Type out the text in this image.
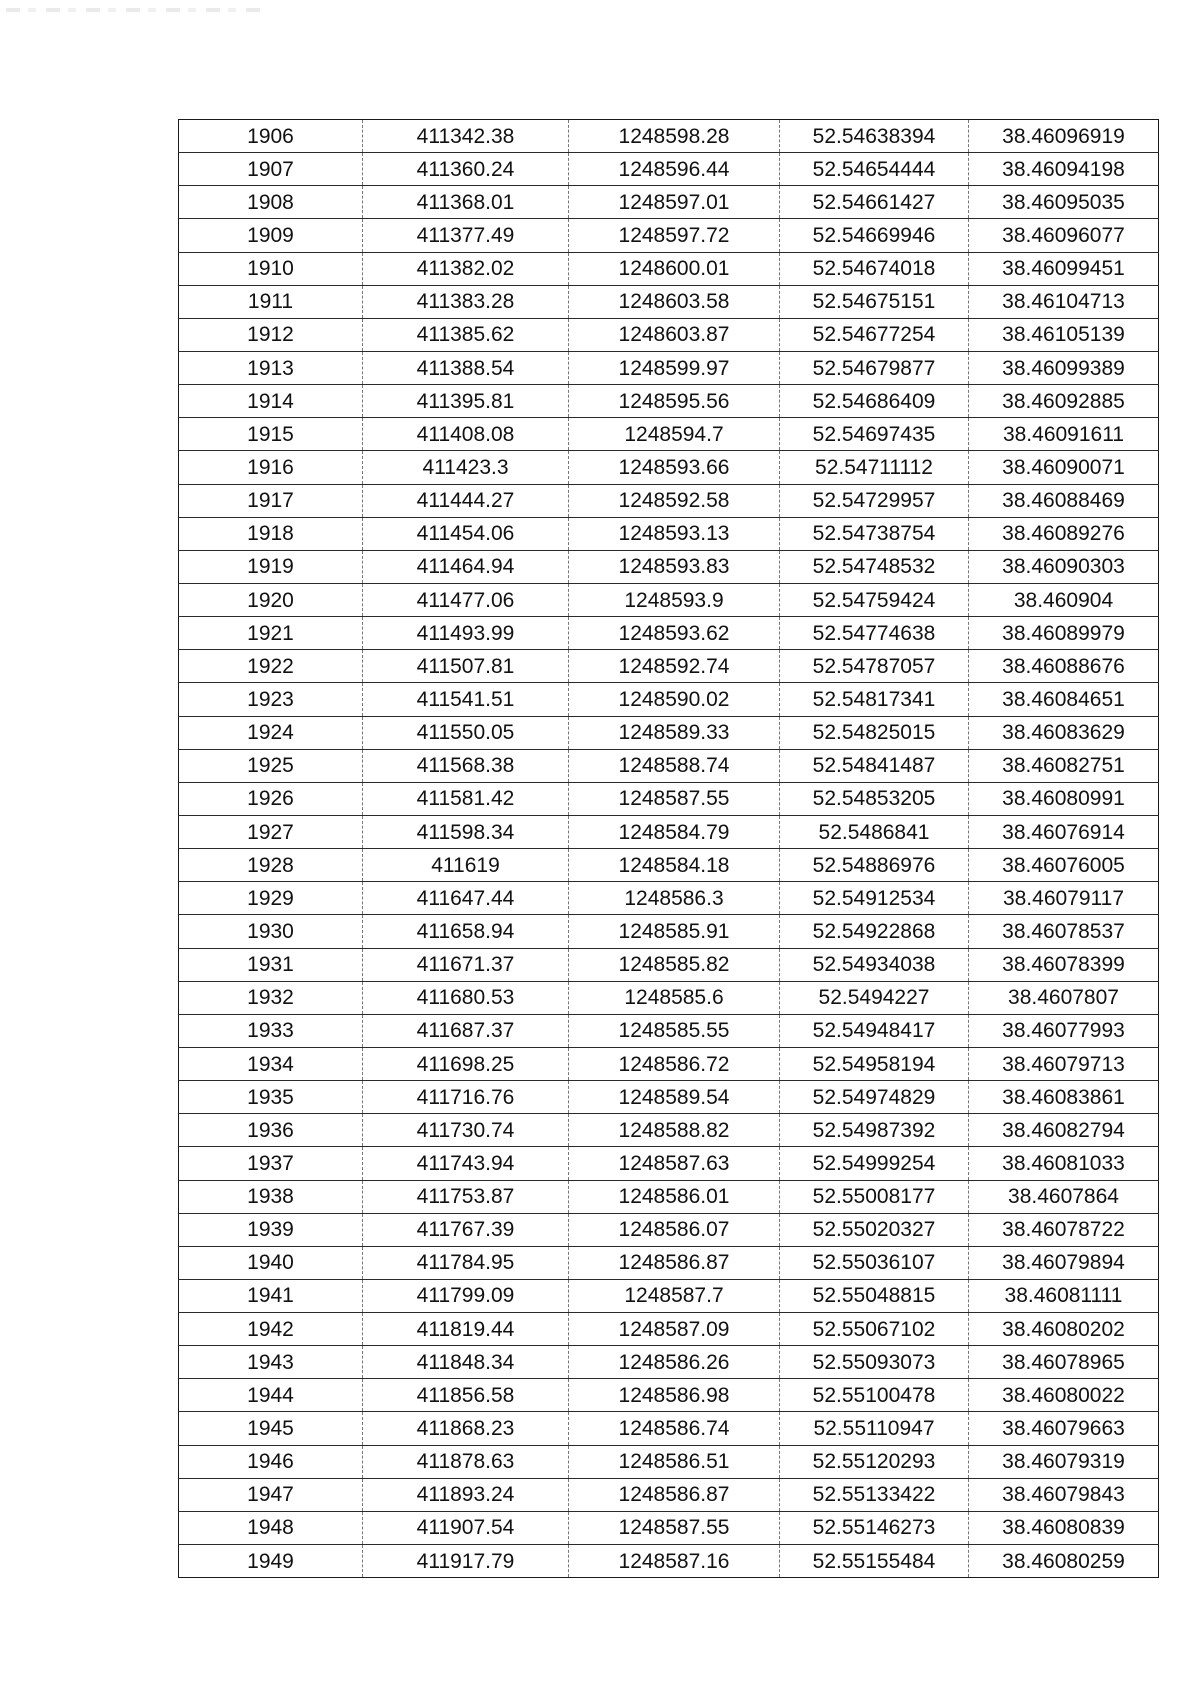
1906	411342.38	1248598.28	52.54638394	38.46096919
1907	411360.24	1248596.44	52.54654444	38.46094198
1908	411368.01	1248597.01	52.54661427	38.46095035
1909	411377.49	1248597.72	52.54669946	38.46096077
1910	411382.02	1248600.01	52.54674018	38.46099451
1911	411383.28	1248603.58	52.54675151	38.46104713
1912	411385.62	1248603.87	52.54677254	38.46105139
1913	411388.54	1248599.97	52.54679877	38.46099389
1914	411395.81	1248595.56	52.54686409	38.46092885
1915	411408.08	1248594.7	52.54697435	38.46091611
1916	411423.3	1248593.66	52.54711112	38.46090071
1917	411444.27	1248592.58	52.54729957	38.46088469
1918	411454.06	1248593.13	52.54738754	38.46089276
1919	411464.94	1248593.83	52.54748532	38.46090303
1920	411477.06	1248593.9	52.54759424	38.460904
1921	411493.99	1248593.62	52.54774638	38.46089979
1922	411507.81	1248592.74	52.54787057	38.46088676
1923	411541.51	1248590.02	52.54817341	38.46084651
1924	411550.05	1248589.33	52.54825015	38.46083629
1925	411568.38	1248588.74	52.54841487	38.46082751
1926	411581.42	1248587.55	52.54853205	38.46080991
1927	411598.34	1248584.79	52.5486841	38.46076914
1928	411619	1248584.18	52.54886976	38.46076005
1929	411647.44	1248586.3	52.54912534	38.46079117
1930	411658.94	1248585.91	52.54922868	38.46078537
1931	411671.37	1248585.82	52.54934038	38.46078399
1932	411680.53	1248585.6	52.5494227	38.4607807
1933	411687.37	1248585.55	52.54948417	38.46077993
1934	411698.25	1248586.72	52.54958194	38.46079713
1935	411716.76	1248589.54	52.54974829	38.46083861
1936	411730.74	1248588.82	52.54987392	38.46082794
1937	411743.94	1248587.63	52.54999254	38.46081033
1938	411753.87	1248586.01	52.55008177	38.4607864
1939	411767.39	1248586.07	52.55020327	38.46078722
1940	411784.95	1248586.87	52.55036107	38.46079894
1941	411799.09	1248587.7	52.55048815	38.46081111
1942	411819.44	1248587.09	52.55067102	38.46080202
1943	411848.34	1248586.26	52.55093073	38.46078965
1944	411856.58	1248586.98	52.55100478	38.46080022
1945	411868.23	1248586.74	52.55110947	38.46079663
1946	411878.63	1248586.51	52.55120293	38.46079319
1947	411893.24	1248586.87	52.55133422	38.46079843
1948	411907.54	1248587.55	52.55146273	38.46080839
1949	411917.79	1248587.16	52.55155484	38.46080259
